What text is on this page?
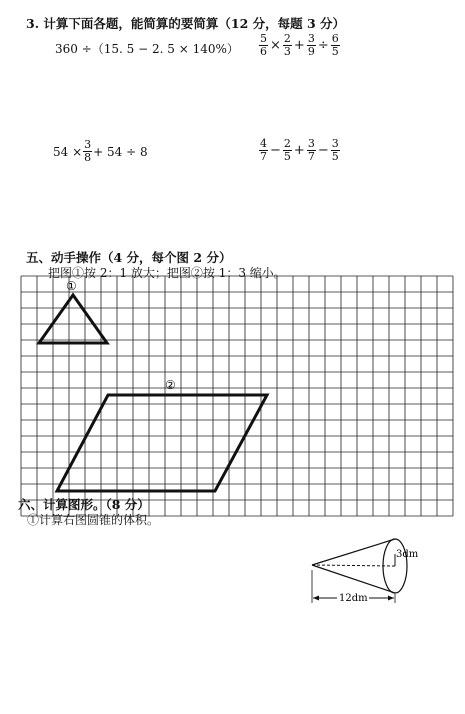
3. 计算下面各题，能简算的要简算（12 分，每题 3 分）
360 ÷（15. 5 − 2. $5 \times 140\%) \frac{5}{6} \times \frac{2}{3} + \frac{3}{9} \div \frac{6}{5}$
$54 \times \frac{3}{8} + 54 \div 8$	$\frac{4}{7} - \frac{2}{5} + \frac{3}{7} - \frac{3}{5}$
五、动手操作（4 分，每个图 2 分）
把图①按 2：1 放大；把图②按 1：3 缩小。
①
②
3dm
12dm
六、计算图形。（8 分）
①计算右图圆锥的体积。
